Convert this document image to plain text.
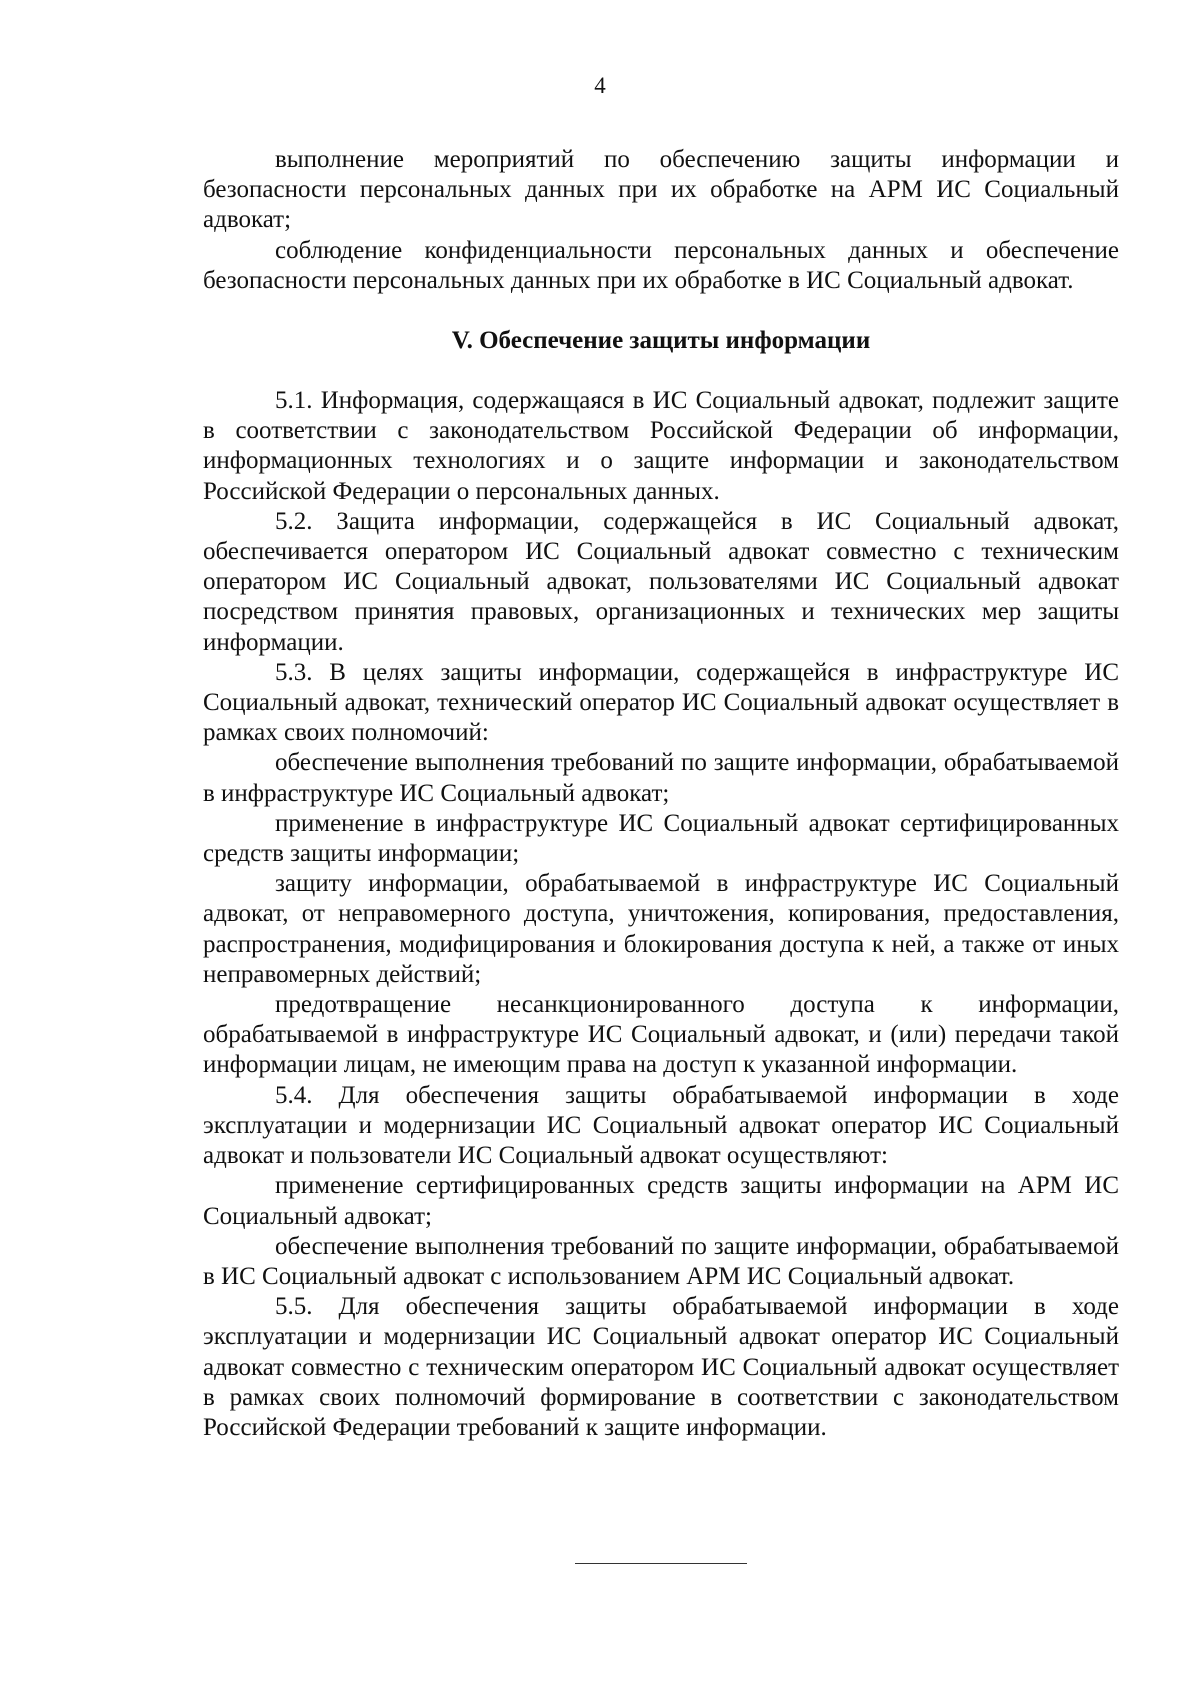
4

выполнение мероприятий по обеспечению защиты информации и безопасности персональных данных при их обработке на АРМ ИС Социальный адвокат;

соблюдение конфиденциальности персональных данных и обеспечение безопасности персональных данных при их обработке в ИС Социальный адвокат.

V. Обеспечение защиты информации

5.1. Информация, содержащаяся в ИС Социальный адвокат, подлежит защите в соответствии с законодательством Российской Федерации об информации, информационных технологиях и о защите информации и законодательством Российской Федерации о персональных данных.

5.2. Защита информации, содержащейся в ИС Социальный адвокат, обеспечивается оператором ИС Социальный адвокат совместно с техническим оператором ИС Социальный адвокат, пользователями ИС Социальный адвокат посредством принятия правовых, организационных и технических мер защиты информации.

5.3. В целях защиты информации, содержащейся в инфраструктуре ИС Социальный адвокат, технический оператор ИС Социальный адвокат осуществляет в рамках своих полномочий:

обеспечение выполнения требований по защите информации, обрабатываемой в инфраструктуре ИС Социальный адвокат;

применение в инфраструктуре ИС Социальный адвокат сертифицированных средств защиты информации;

защиту информации, обрабатываемой в инфраструктуре ИС Социальный адвокат, от неправомерного доступа, уничтожения, копирования, предоставления, распространения, модифицирования и блокирования доступа к ней, а также от иных неправомерных действий;

предотвращение несанкционированного доступа к информации, обрабатываемой в инфраструктуре ИС Социальный адвокат, и (или) передачи такой информации лицам, не имеющим права на доступ к указанной информации.

5.4. Для обеспечения защиты обрабатываемой информации в ходе эксплуатации и модернизации ИС Социальный адвокат оператор ИС Социальный адвокат и пользователи ИС Социальный адвокат осуществляют:

применение сертифицированных средств защиты информации на АРМ ИС Социальный адвокат;

обеспечение выполнения требований по защите информации, обрабатываемой в ИС Социальный адвокат с использованием АРМ ИС Социальный адвокат.

5.5. Для обеспечения защиты обрабатываемой информации в ходе эксплуатации и модернизации ИС Социальный адвокат оператор ИС Социальный адвокат совместно с техническим оператором ИС Социальный адвокат осуществляет в рамках своих полномочий формирование в соответствии с законодательством Российской Федерации требований к защите информации.
